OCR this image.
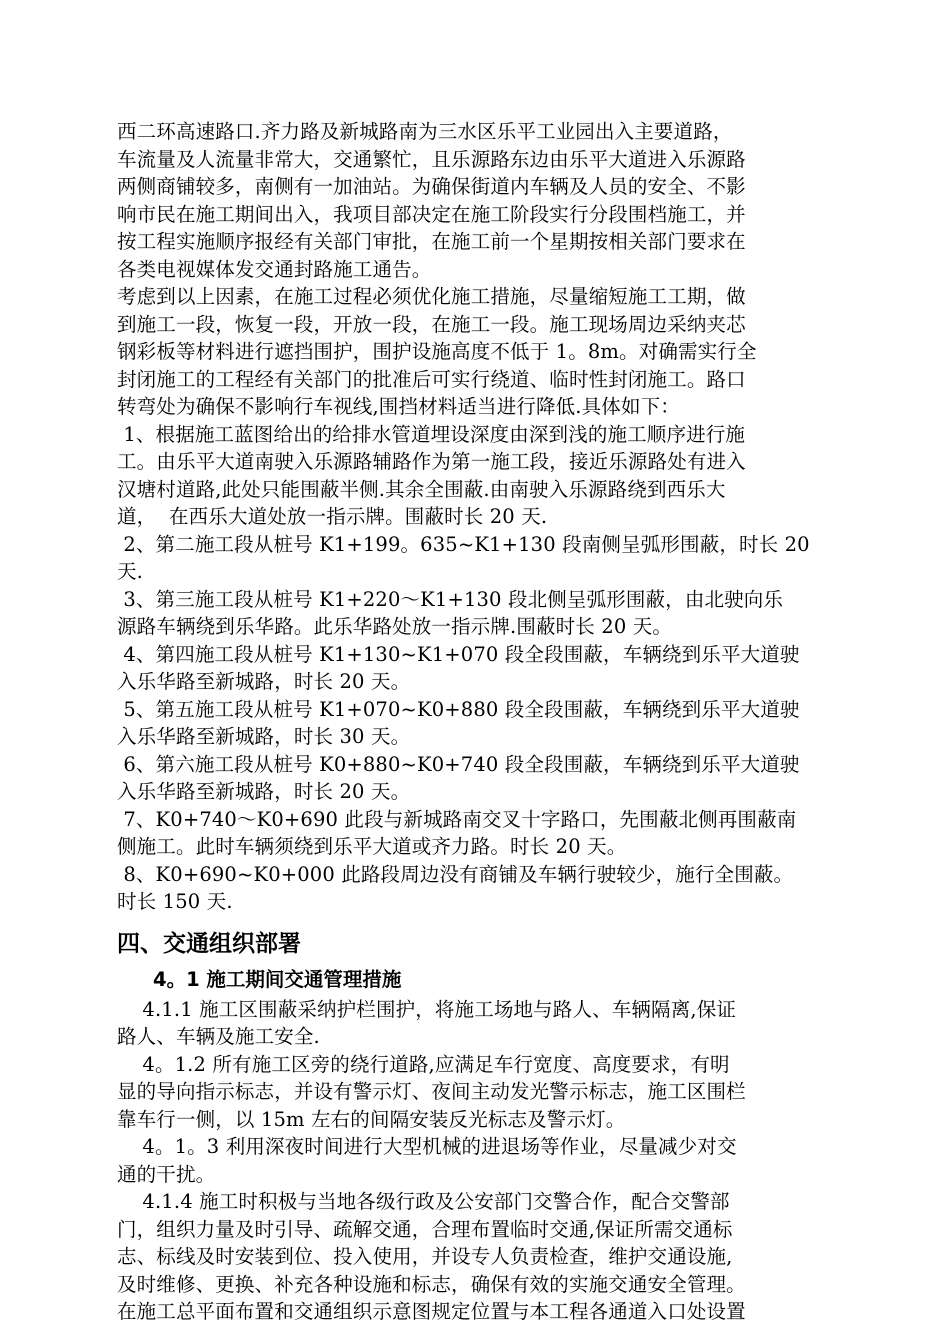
西二环高速路口.齐力路及新城路南为三水区乐平工业园出入主要道路，
车流量及人流量非常大，交通繁忙，且乐源路东边由乐平大道进入乐源路
两侧商铺较多，南侧有一加油站。为确保街道内车辆及人员的安全、不影
响市民在施工期间出入，我项目部决定在施工阶段实行分段围档施工，并
按工程实施顺序报经有关部门审批，在施工前一个星期按相关部门要求在
各类电视媒体发交通封路施工通告。
考虑到以上因素，在施工过程必须优化施工措施，尽量缩短施工工期，做
到施工一段，恢复一段，开放一段，在施工一段。施工现场周边采纳夹芯
钢彩板等材料进行遮挡围护，围护设施高度不低于 1。8m。对确需实行全
封闭施工的工程经有关部门的批准后可实行绕道、临时性封闭施工。路口
转弯处为确保不影响行车视线,围挡材料适当进行降低.具体如下：
1、根据施工蓝图给出的给排水管道埋设深度由深到浅的施工顺序进行施
工。由乐平大道南驶入乐源路辅路作为第一施工段，接近乐源路处有进入
汉塘村道路,此处只能围蔽半侧.其余全围蔽.由南驶入乐源路绕到西乐大
道，  在西乐大道处放一指示牌。围蔽时长 20 天.
2、第二施工段从桩号 K1+199。635~K1+130 段南侧呈弧形围蔽，时长 20
天.
3、第三施工段从桩号 K1+220～K1+130 段北侧呈弧形围蔽，由北驶向乐
源路车辆绕到乐华路。此乐华路处放一指示牌.围蔽时长 20 天。
4、第四施工段从桩号 K1+130~K1+070 段全段围蔽，车辆绕到乐平大道驶
入乐华路至新城路，时长 20 天。
5、第五施工段从桩号 K1+070~K0+880 段全段围蔽，车辆绕到乐平大道驶
入乐华路至新城路，时长 30 天。
6、第六施工段从桩号 K0+880~K0+740 段全段围蔽，车辆绕到乐平大道驶
入乐华路至新城路，时长 20 天。
7、K0+740～K0+690 此段与新城路南交叉十字路口，先围蔽北侧再围蔽南
侧施工。此时车辆须绕到乐平大道或齐力路。时长 20 天。
8、K0+690~K0+000 此路段周边没有商铺及车辆行驶较少，施行全围蔽。
时长 150 天.
四、交通组织部署
4。1 施工期间交通管理措施
4.1.1 施工区围蔽采纳护栏围护，将施工场地与路人、车辆隔离,保证
路人、车辆及施工安全.
4。1.2 所有施工区旁的绕行道路,应满足车行宽度、高度要求，有明
显的导向指示标志，并设有警示灯、夜间主动发光警示标志，施工区围栏
靠车行一侧，以 15m 左右的间隔安装反光标志及警示灯。
4。1。3 利用深夜时间进行大型机械的进退场等作业，尽量减少对交
通的干扰。
4.1.4 施工时积极与当地各级行政及公安部门交警合作，配合交警部
门，组织力量及时引导、疏解交通，合理布置临时交通,保证所需交通标
志、标线及时安装到位、投入使用，并设专人负责检查，维护交通设施,
及时维修、更换、补充各种设施和标志，确保有效的实施交通安全管理。
在施工总平面布置和交通组织示意图规定位置与本工程各通道入口处设置
